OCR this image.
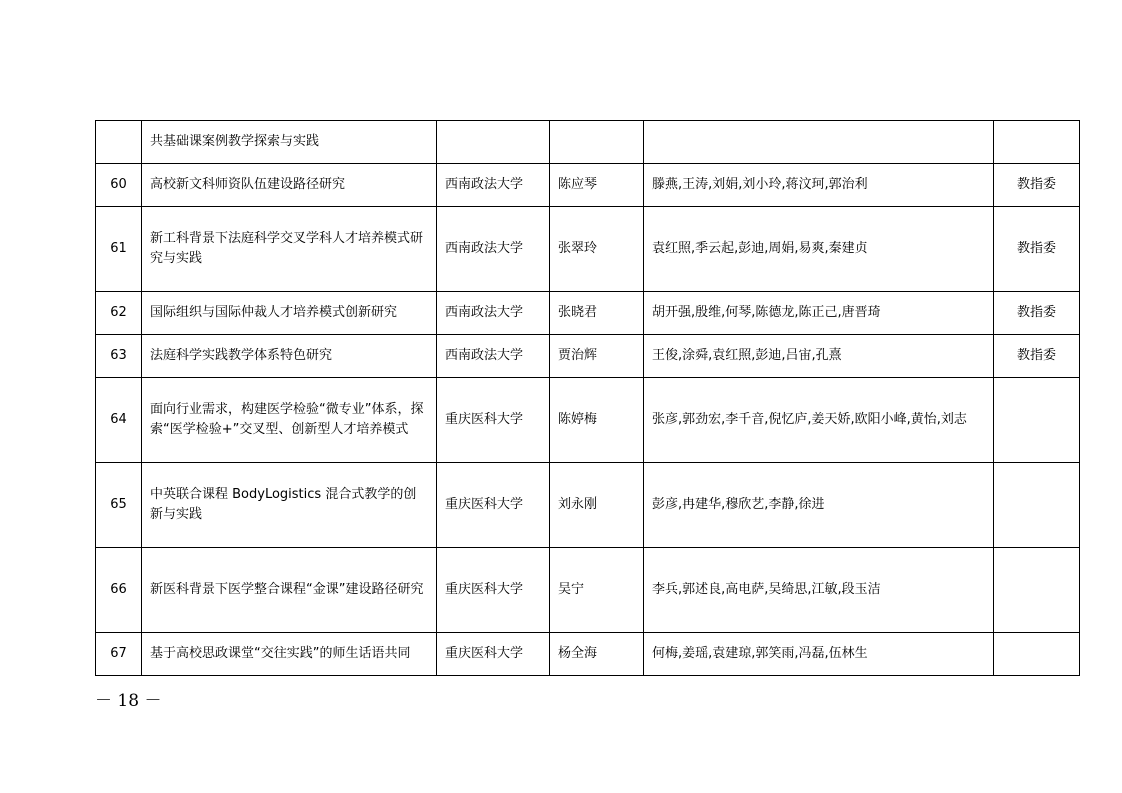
	共基础课案例教学探索与实践				
60	高校新文科师资队伍建设路径研究	西南政法大学	陈应琴	滕燕,王涛,刘娟,刘小玲,蒋汶珂,郭治利	教指委
61	新工科背景下法庭科学交叉学科人才培养模式研究与实践	西南政法大学	张翠玲	袁红照,季云起,彭迪,周娟,易爽,秦建贞	教指委
62	国际组织与国际仲裁人才培养模式创新研究	西南政法大学	张晓君	胡开强,殷维,何琴,陈德龙,陈正己,唐晋琦	教指委
63	法庭科学实践教学体系特色研究	西南政法大学	贾治辉	王俊,涂舜,袁红照,彭迪,吕宙,孔熹	教指委
64	面向行业需求，构建医学检验“微专业”体系，探索“医学检验+”交叉型、创新型人才培养模式	重庆医科大学	陈婷梅	张彦,郭劲宏,李千音,倪忆庐,姜天娇,欧阳小峰,黄怡,刘志	
65	中英联合课程 BodyLogistics 混合式教学的创新与实践	重庆医科大学	刘永刚	彭彦,冉建华,穆欣艺,李静,徐进	
66	新医科背景下医学整合课程“金课”建设路径研究	重庆医科大学	吴宁	李兵,郭述良,高电萨,吴绮思,江敏,段玉洁	
67	基于高校思政课堂“交往实践”的师生话语共同	重庆医科大学	杨全海	何梅,姜瑶,袁建琼,郭笑雨,冯磊,伍林生	
－ 18 －
